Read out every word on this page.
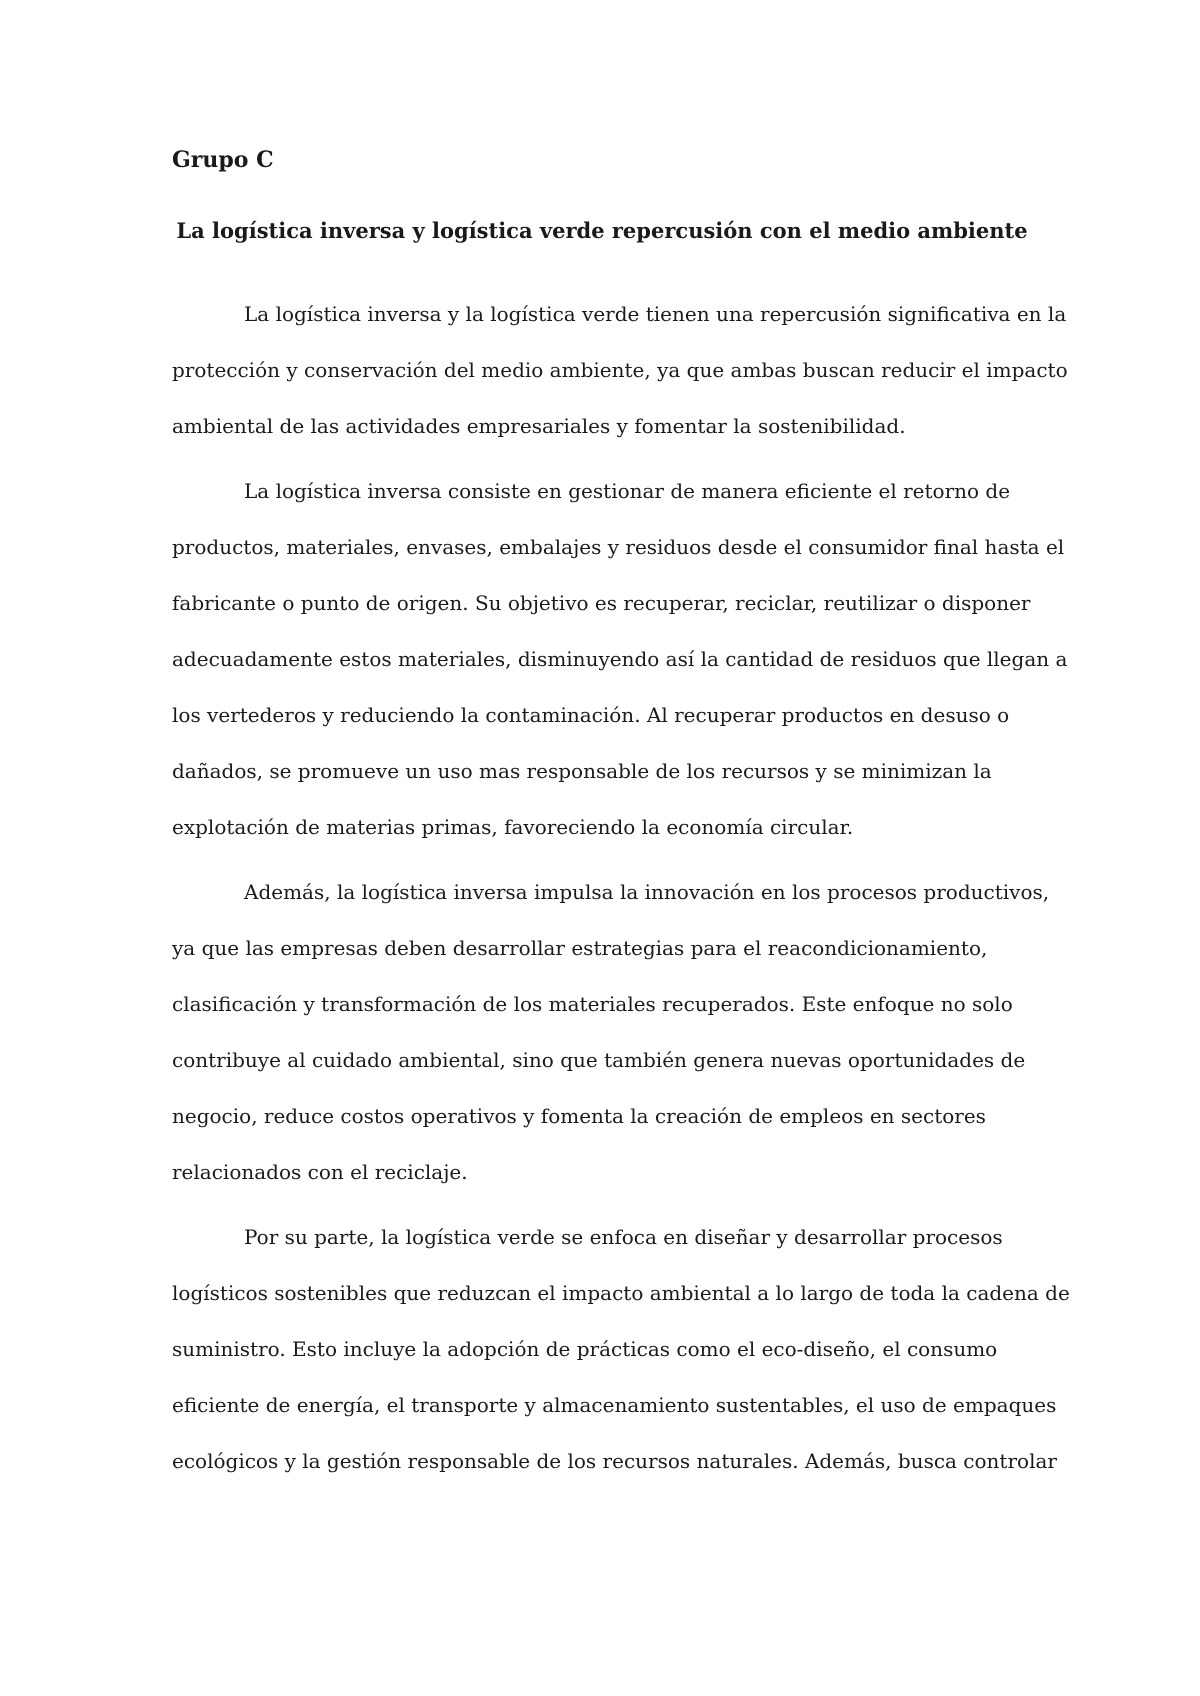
Grupo C

La logística inversa y logística verde repercusión con el medio ambiente

La logística inversa y la logística verde tienen una repercusión significativa en la
protección y conservación del medio ambiente, ya que ambas buscan reducir el impacto
ambiental de las actividades empresariales y fomentar la sostenibilidad.

La logística inversa consiste en gestionar de manera eficiente el retorno de
productos, materiales, envases, embalajes y residuos desde el consumidor final hasta el
fabricante o punto de origen. Su objetivo es recuperar, reciclar, reutilizar o disponer
adecuadamente estos materiales, disminuyendo así la cantidad de residuos que llegan a
los vertederos y reduciendo la contaminación. Al recuperar productos en desuso o
dañados, se promueve un uso mas responsable de los recursos y se minimizan la
explotación de materias primas, favoreciendo la economía circular.

Además, la logística inversa impulsa la innovación en los procesos productivos,
ya que las empresas deben desarrollar estrategias para el reacondicionamiento,
clasificación y transformación de los materiales recuperados. Este enfoque no solo
contribuye al cuidado ambiental, sino que también genera nuevas oportunidades de
negocio, reduce costos operativos y fomenta la creación de empleos en sectores
relacionados con el reciclaje.

Por su parte, la logística verde se enfoca en diseñar y desarrollar procesos
logísticos sostenibles que reduzcan el impacto ambiental a lo largo de toda la cadena de
suministro. Esto incluye la adopción de prácticas como el eco-diseño, el consumo
eficiente de energía, el transporte y almacenamiento sustentables, el uso de empaques
ecológicos y la gestión responsable de los recursos naturales. Además, busca controlar
